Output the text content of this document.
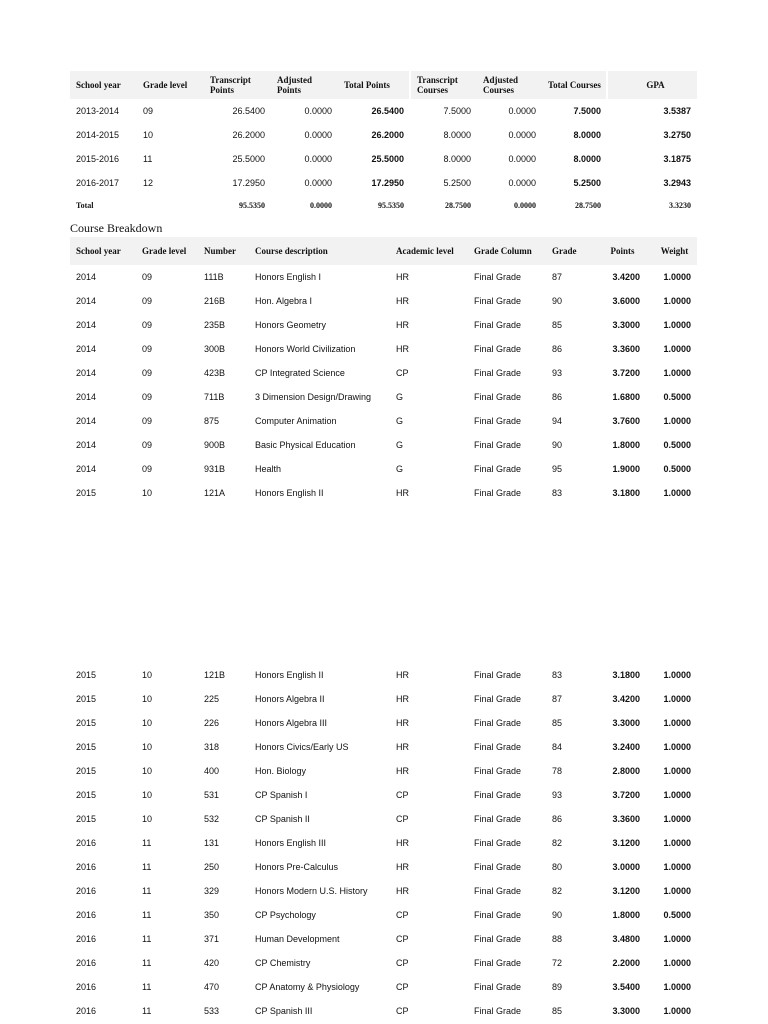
School year	Grade level	Transcript Points	Adjusted Points	Total Points	Transcript Courses	Adjusted Courses	Total Courses	GPA
2013-2014	09	26.5400	0.0000	26.5400	7.5000	0.0000	7.5000	3.5387
2014-2015	10	26.2000	0.0000	26.2000	8.0000	0.0000	8.0000	3.2750
2015-2016	11	25.5000	0.0000	25.5000	8.0000	0.0000	8.0000	3.1875
2016-2017	12	17.2950	0.0000	17.2950	5.2500	0.0000	5.2500	3.2943
Total		95.5350	0.0000	95.5350	28.7500	0.0000	28.7500	3.3230
Course Breakdown
School year	Grade level	Number	Course description	Academic level	Grade Column	Grade	Points	Weight
2014	09	111B	Honors English I	HR	Final Grade	87	3.4200	1.0000
2014	09	216B	Hon. Algebra I	HR	Final Grade	90	3.6000	1.0000
2014	09	235B	Honors Geometry	HR	Final Grade	85	3.3000	1.0000
2014	09	300B	Honors World Civilization	HR	Final Grade	86	3.3600	1.0000
2014	09	423B	CP Integrated Science	CP	Final Grade	93	3.7200	1.0000
2014	09	711B	3 Dimension Design/Drawing	G	Final Grade	86	1.6800	0.5000
2014	09	875	Computer Animation	G	Final Grade	94	3.7600	1.0000
2014	09	900B	Basic Physical Education	G	Final Grade	90	1.8000	0.5000
2014	09	931B	Health	G	Final Grade	95	1.9000	0.5000
2015	10	121A	Honors English II	HR	Final Grade	83	3.1800	1.0000
2015	10	121B	Honors English II	HR	Final Grade	83	3.1800	1.0000
2015	10	225	Honors Algebra II	HR	Final Grade	87	3.4200	1.0000
2015	10	226	Honors Algebra III	HR	Final Grade	85	3.3000	1.0000
2015	10	318	Honors Civics/Early US	HR	Final Grade	84	3.2400	1.0000
2015	10	400	Hon. Biology	HR	Final Grade	78	2.8000	1.0000
2015	10	531	CP Spanish I	CP	Final Grade	93	3.7200	1.0000
2015	10	532	CP Spanish II	CP	Final Grade	86	3.3600	1.0000
2016	11	131	Honors English III	HR	Final Grade	82	3.1200	1.0000
2016	11	250	Honors Pre-Calculus	HR	Final Grade	80	3.0000	1.0000
2016	11	329	Honors Modern U.S. History	HR	Final Grade	82	3.1200	1.0000
2016	11	350	CP Psychology	CP	Final Grade	90	1.8000	0.5000
2016	11	371	Human Development	CP	Final Grade	88	3.4800	1.0000
2016	11	420	CP Chemistry	CP	Final Grade	72	2.2000	1.0000
2016	11	470	CP Anatomy & Physiology	CP	Final Grade	89	3.5400	1.0000
2016	11	533	CP Spanish III	CP	Final Grade	85	3.3000	1.0000
